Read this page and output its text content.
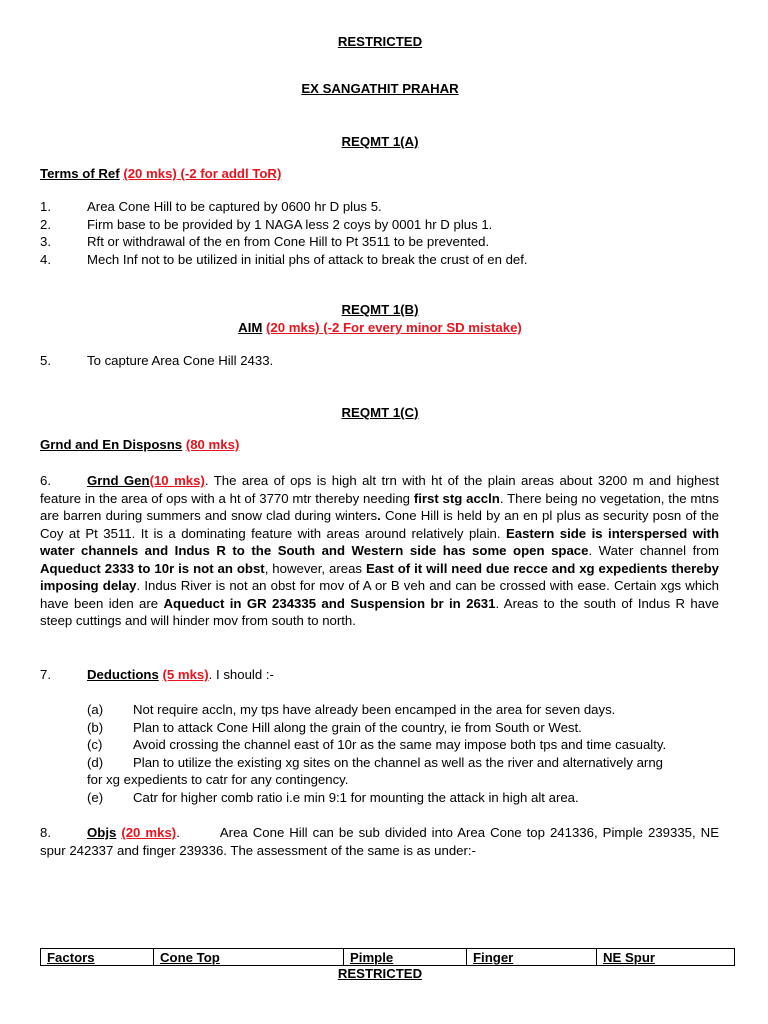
RESTRICTED
EX SANGATHIT PRAHAR
REQMT 1(A)
Terms of Ref (20 mks) (-2 for addl ToR)
1.	Area Cone Hill to be captured by 0600 hr D plus 5.
2.	Firm base to be provided by 1 NAGA less 2 coys by 0001 hr D plus 1.
3.	Rft or withdrawal of the en from Cone Hill to Pt 3511 to be prevented.
4.	Mech Inf not to be utilized in initial phs of attack to break the crust of en def.
REQMT 1(B)
AIM (20 mks) (-2 For every minor SD mistake)
5.	To capture Area Cone Hill 2433.
REQMT 1(C)
Grnd and En Disposns (80 mks)
6.	Grnd Gen(10 mks). The area of ops is high alt trn with ht of the plain areas about 3200 m and highest feature in the area of ops with a ht of 3770 mtr thereby needing first stg accln. There being no vegetation, the mtns are barren during summers and snow clad during winters. Cone Hill is held by an en pl plus as security posn of the Coy at Pt 3511. It is a dominating feature with areas around relatively plain. Eastern side is interspersed with water channels and Indus R to the South and Western side has some open space. Water channel from Aqueduct 2333 to 10r is not an obst, however, areas East of it will need due recce and xg expedients thereby imposing delay. Indus River is not an obst for mov of A or B veh and can be crossed with ease. Certain xgs which have been iden are Aqueduct in GR 234335 and Suspension br in 2631. Areas to the south of Indus R have steep cuttings and will hinder mov from south to north.
7.	Deductions (5 mks). I should :-
(a) Not require accln, my tps have already been encamped in the area for seven days.
(b) Plan to attack Cone Hill along the grain of the country, ie from South or West.
(c) Avoid crossing the channel east of 10r as the same may impose both tps and time casualty.
(d) Plan to utilize the existing xg sites on the channel as well as the river and alternatively arng
for xg expedients to catr for any contingency.
(e) Catr for higher comb ratio i.e min 9:1 for mounting the attack in high alt area.
8.	Objs (20 mks).	Area Cone Hill can be sub divided into Area Cone top 241336, Pimple 239335, NE spur 242337 and finger 239336. The assessment of the same is as under:-
Factors	Cone Top	Pimple	Finger	NE Spur
RESTRICTED
